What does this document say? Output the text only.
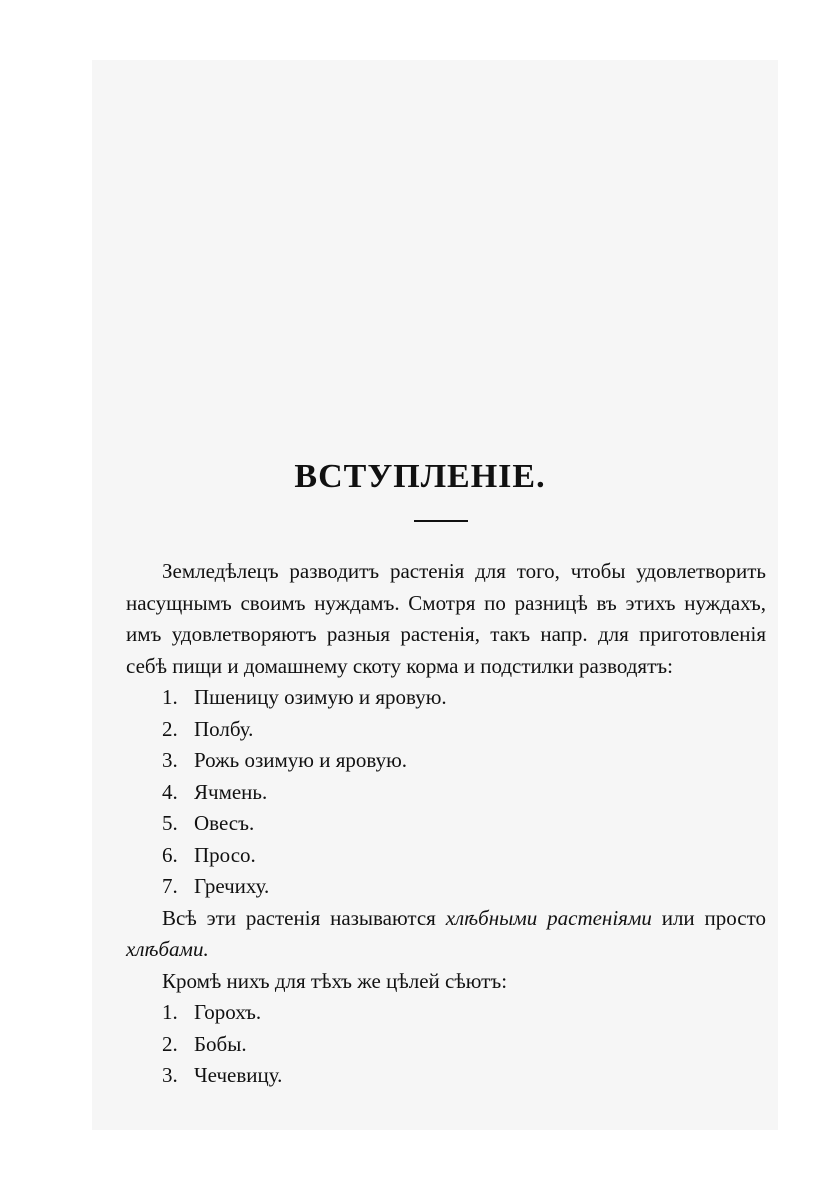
ВСТУПЛЕНІЕ.

Земледѣлецъ разводитъ растенія для того, чтобы удовлетворить насущнымъ своимъ нуждамъ. Смотря по разницѣ въ этихъ нуждахъ, имъ удовлетворяютъ разныя растенія, такъ напр. для приготовленія себѣ пищи и домашнему скоту корма и подстилки разводятъ:

1. Пшеницу озимую и яровую.
2. Полбу.
3. Рожь озимую и яровую.
4. Ячмень.
5. Овесъ.
6. Просо.
7. Гречиху.

Всѣ эти растенія называются хлѣбными растеніями или просто хлѣбами.

Кромѣ нихъ для тѣхъ же цѣлей сѣютъ:

1. Горохъ.
2. Бобы.
3. Чечевицу.
